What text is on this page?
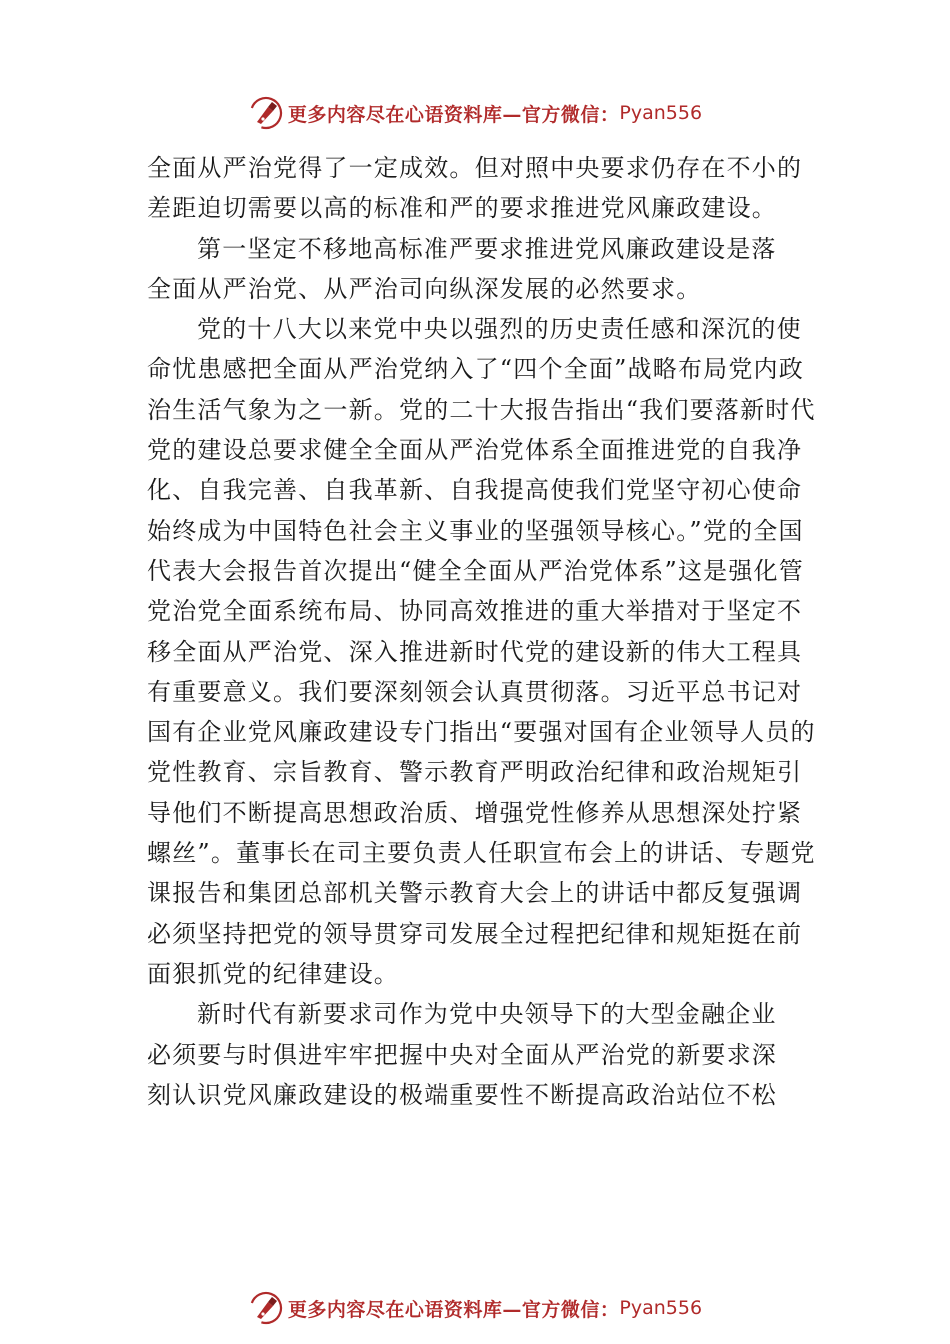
更多内容尽在心语资料库—官方微信： Pyan556
全面从严治党得了一定成效。但对照中央要求仍存在不小的
差距迫切需要以高的标准和严的要求推进党风廉政建设。
第一坚定不移地高标准严要求推进党风廉政建设是落
全面从严治党、从严治司向纵深发展的必然要求。
党的十八大以来党中央以强烈的历史责任感和深沉的使
命忧患感把全面从严治党纳入了“四个全面”战略布局党内政
治生活气象为之一新。党的二十大报告指出“我们要落新时代
党的建设总要求健全全面从严治党体系全面推进党的自我净
化、自我完善、自我革新、自我提高使我们党坚守初心使命
始终成为中国特色社会主义事业的坚强领导核心。”党的全国
代表大会报告首次提出“健全全面从严治党体系”这是强化管
党治党全面系统布局、协同高效推进的重大举措对于坚定不
移全面从严治党、深入推进新时代党的建设新的伟大工程具
有重要意义。我们要深刻领会认真贯彻落。习近平总书记对
国有企业党风廉政建设专门指出“要强对国有企业领导人员的
党性教育、宗旨教育、警示教育严明政治纪律和政治规矩引
导他们不断提高思想政治质、增强党性修养从思想深处拧紧
螺丝”。董事长在司主要负责人任职宣布会上的讲话、专题党
课报告和集团总部机关警示教育大会上的讲话中都反复强调
必须坚持把党的领导贯穿司发展全过程把纪律和规矩挺在前
面狠抓党的纪律建设。
新时代有新要求司作为党中央领导下的大型金融企业
必须要与时俱进牢牢把握中央对全面从严治党的新要求深
刻认识党风廉政建设的极端重要性不断提高政治站位不松
更多内容尽在心语资料库—官方微信： Pyan556
